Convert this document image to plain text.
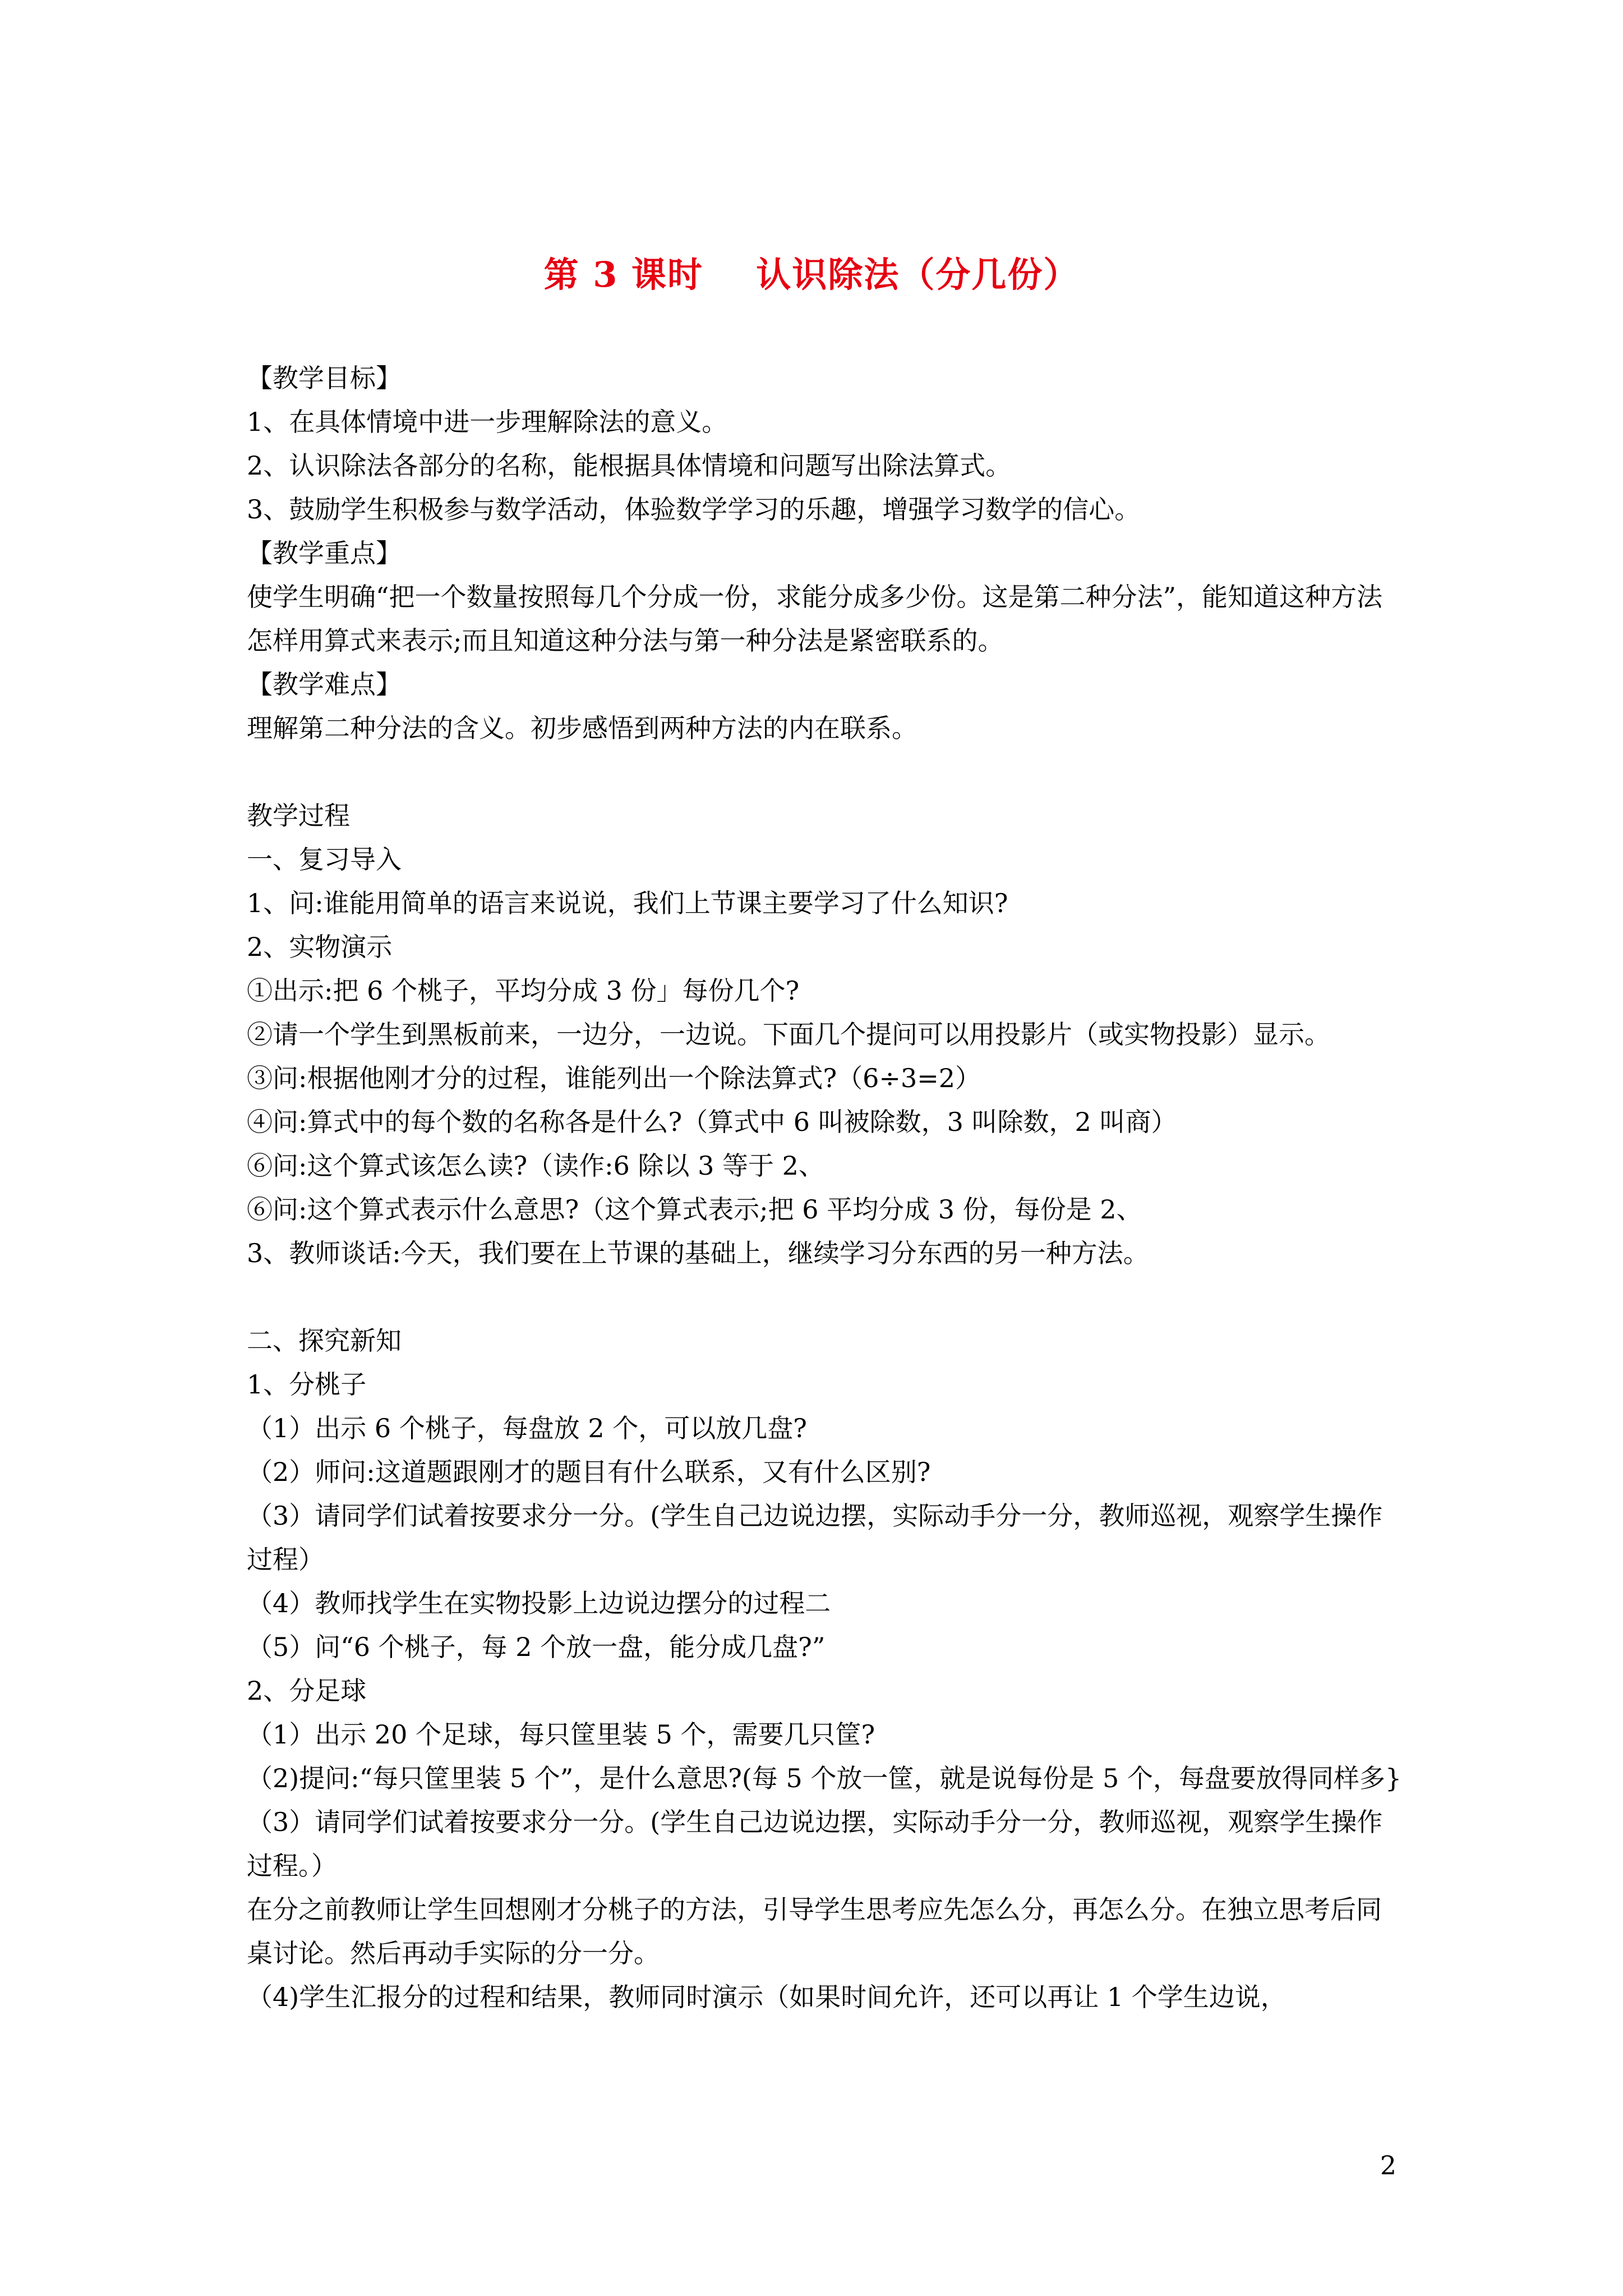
第 3 课时    认识除法（分几份）

【教学目标】

1、在具体情境中进一步理解除法的意义。

2、认识除法各部分的名称，能根据具体情境和问题写出除法算式。

3、鼓励学生积极参与数学活动，体验数学学习的乐趣，增强学习数学的信心。

【教学重点】

使学生明确“把一个数量按照每几个分成一份，求能分成多少份。这是第二种分法”，能知道这种方法怎样用算式来表示;而且知道这种分法与第一种分法是紧密联系的。

【教学难点】

理解第二种分法的含义。初步感悟到两种方法的内在联系。

教学过程

一、复习导入

1、问:谁能用简单的语言来说说，我们上节课主要学习了什么知识?

2、实物演示

①出示:把 6 个桃子，平均分成 3 份」每份几个?

②请一个学生到黑板前来，一边分，一边说。下面几个提问可以用投影片（或实物投影）显示。

③问:根据他刚才分的过程，谁能列出一个除法算式?（6÷3=2）

④问:算式中的每个数的名称各是什么?（算式中 6 叫被除数，3 叫除数，2 叫商）

⑥问:这个算式该怎么读?（读作:6 除以 3 等于 2、

⑥问:这个算式表示什么意思?（这个算式表示;把 6 平均分成 3 份，每份是 2、

3、教师谈话:今天，我们要在上节课的基础上，继续学习分东西的另一种方法。

二、探究新知

1、分桃子

（1）出示 6 个桃子，每盘放 2 个，可以放几盘?

（2）师问:这道题跟刚才的题目有什么联系，又有什么区别?

（3）请同学们试着按要求分一分。(学生自己边说边摆，实际动手分一分，教师巡视，观察学生操作过程）

（4）教师找学生在实物投影上边说边摆分的过程二

（5）问“6 个桃子，每 2 个放一盘，能分成几盘?”

2、分足球

（1）出示 20 个足球，每只筐里装 5 个，需要几只筐?

（2)提问:“每只筐里装 5 个”，是什么意思?(每 5 个放一筐，就是说每份是 5 个，每盘要放得同样多}

（3）请同学们试着按要求分一分。(学生自己边说边摆，实际动手分一分，教师巡视，观察学生操作过程。）

在分之前教师让学生回想刚才分桃子的方法，引导学生思考应先怎么分，再怎么分。在独立思考后同桌讨论。然后再动手实际的分一分。

（4)学生汇报分的过程和结果，教师同时演示（如果时间允许，还可以再让 1 个学生边说，

2
